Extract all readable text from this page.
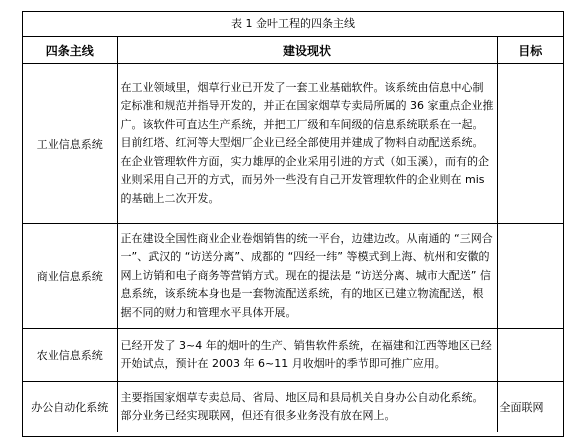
表 1 金叶工程的四条主线
四条主线	建设现状	目标
工业信息系统	在工业领域里，烟草行业已开发了一套工业基础软件。该系统由信息中心制定标准和规范并指导开发的，并正在国家烟草专卖局所属的 36 家重点企业推广。该软件可直达生产系统，并把工厂级和车间级的信息系统联系在一起。目前红塔、红河等大型烟厂企业已经全部使用并建成了物料自动配送系统。在企业管理软件方面，实力雄厚的企业采用引进的方式（如玉溪），而有的企业则采用自己开的方式，而另外一些没有自己开发管理软件的企业则在 mis 的基础上二次开发。	
商业信息系统	正在建设全国性商业企业卷烟销售的统一平台，边建边改。从南通的 “三网合一”、武汉的 “访送分离”、成都的 “四经一纬” 等模式到上海、杭州和安徽的网上访销和电子商务等营销方式。现在的提法是 “访送分离、城市大配送” 信息系统，该系统本身也是一套物流配送系统，有的地区已建立物流配送，根据不同的财力和管理水平具体开展。	
农业信息系统	已经开发了 3~4 年的烟叶的生产、销售软件系统，在福建和江西等地区已经开始试点，预计在 2003 年 6~11 月收烟叶的季节即可推广应用。	
办公自动化系统	主要指国家烟草专卖总局、省局、地区局和县局机关自身办公自动化系统。部分业务已经实现联网，但还有很多业务没有放在网上。	全面联网
